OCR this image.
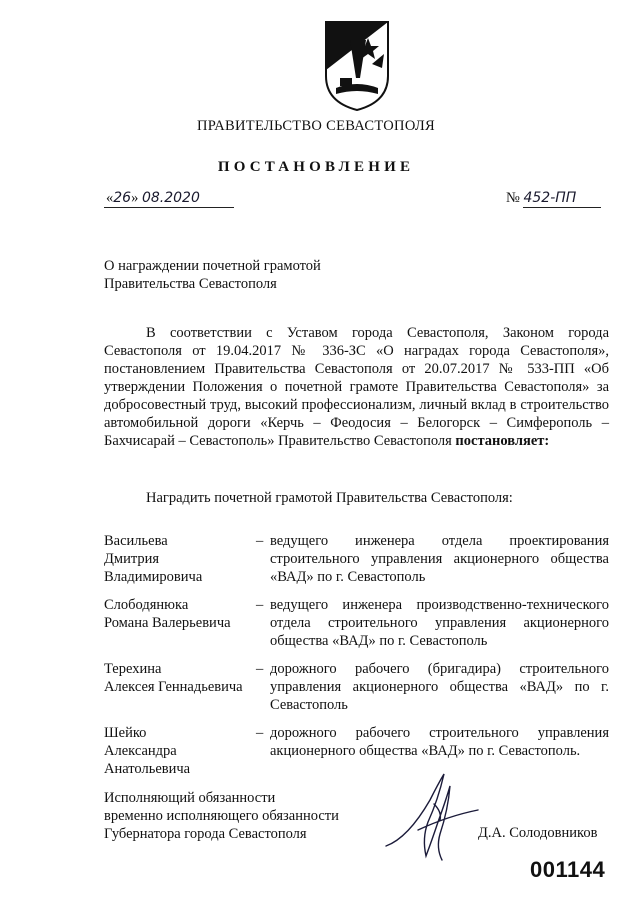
ПРАВИТЕЛЬСТВО СЕВАСТОПОЛЯ
ПОСТАНОВЛЕНИЕ
«26» 08.2020	№ 452-ПП
О награждении почетной грамотой
Правительства Севастополя
В соответствии с Уставом города Севастополя, Законом города Севастополя от 19.04.2017 № 336-ЗС «О наградах города Севастополя», постановлением Правительства Севастополя от 20.07.2017 № 533-ПП «Об утверждении Положения о почетной грамоте Правительства Севастополя» за добросовестный труд, высокий профессионализм, личный вклад в строительство автомобильной дороги «Керчь – Феодосия – Белогорск – Симферополь – Бахчисарай – Севастополь» Правительство Севастополя постановляет:
Наградить почетной грамотой Правительства Севастополя:
Васильева
Дмитрия
Владимировича
– ведущего инженера отдела проектирования строительного управления акционерного общества «ВАД» по г. Севастополь
Слободянюка
Романа Валерьевича
– ведущего инженера производственно-технического отдела строительного управления акционерного общества «ВАД» по г. Севастополь
Терехина
Алексея Геннадьевича
– дорожного рабочего (бригадира) строительного управления акционерного общества «ВАД» по г. Севастополь
Шейко
Александра
Анатольевича
– дорожного рабочего строительного управления акционерного общества «ВАД» по г. Севастополь.
Исполняющий обязанности
временно исполняющего обязанности
Губернатора города Севастополя	Д.А. Солодовников
001144
